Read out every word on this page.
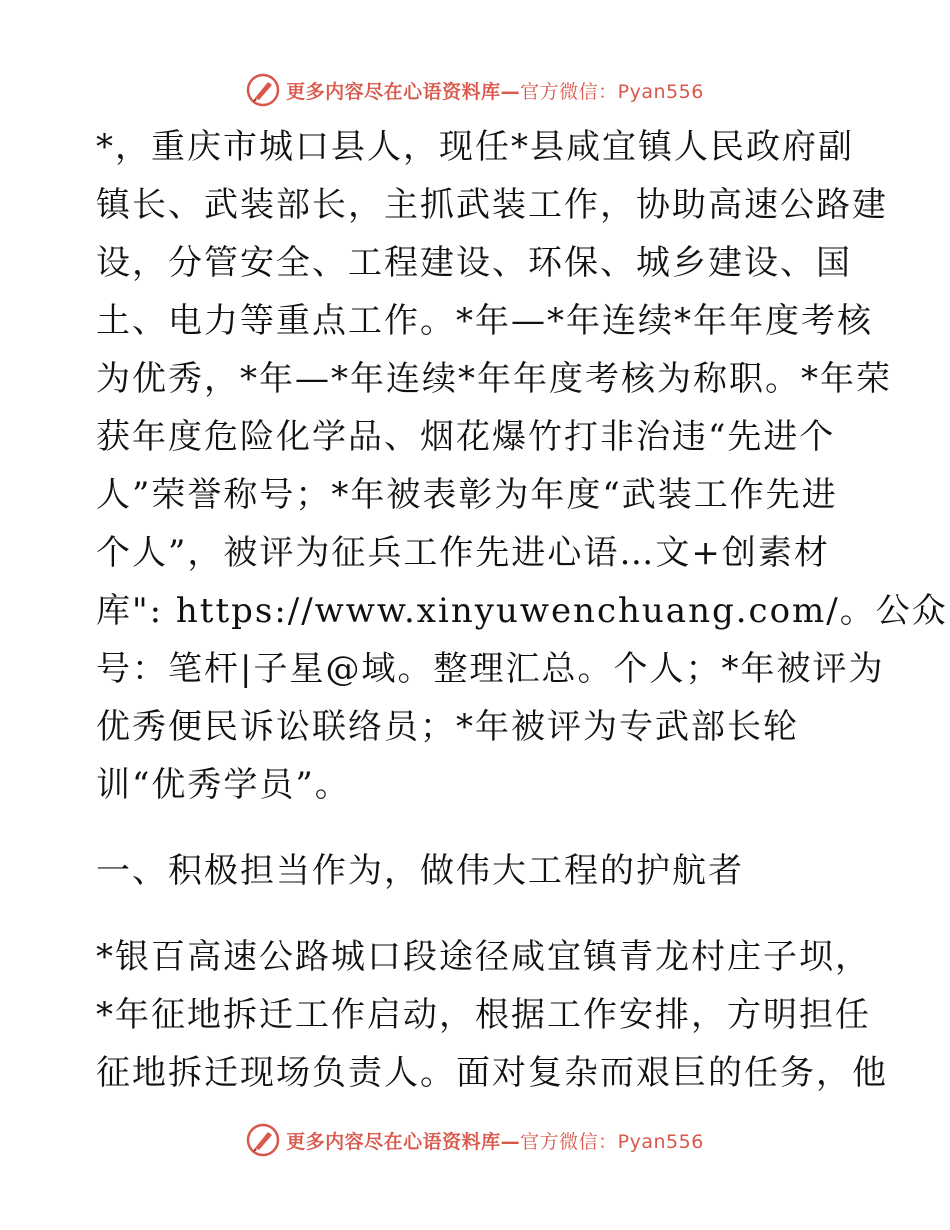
更多内容尽在心语资料库—官方微信：Pyan556
*，重庆市城口县人，现任*县咸宜镇人民政府副
镇长、武装部长，主抓武装工作，协助高速公路建
设，分管安全、工程建设、环保、城乡建设、国
土、电力等重点工作。*年—*年连续*年年度考核
为优秀，*年—*年连续*年年度考核为称职。*年荣
获年度危险化学品、烟花爆竹打非治违“先进个
人”荣誉称号；*年被表彰为年度“武装工作先进
个人”，被评为征兵工作先进心语…文+创素材
库": https://www.xinyuwenchuang.com/。公众
号：笔杆|子星@域。整理汇总。个人；*年被评为
优秀便民诉讼联络员；*年被评为专武部长轮
训“优秀学员”。
一、积极担当作为，做伟大工程的护航者
*银百高速公路城口段途径咸宜镇青龙村庄子坝，
*年征地拆迁工作启动，根据工作安排，方明担任
征地拆迁现场负责人。面对复杂而艰巨的任务，他
更多内容尽在心语资料库—官方微信：Pyan556
